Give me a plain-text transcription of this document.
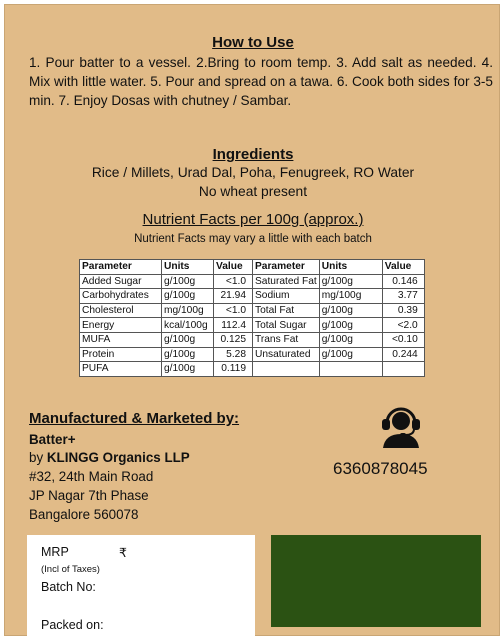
How to Use
1. Pour batter to a vessel. 2.Bring to room temp. 3. Add salt as needed. 4. Mix with little water. 5. Pour and spread on a tawa. 6. Cook both sides for 3-5 min. 7. Enjoy Dosas with chutney / Sambar.
Ingredients
Rice / Millets, Urad Dal, Poha, Fenugreek, RO Water
No wheat present
Nutrient Facts per 100g (approx.)
Nutrient Facts may vary a little with each batch
Parameter	Units	Value	Parameter	Units	Value
Added Sugar	g/100g	<1.0	Saturated Fat	g/100g	0.146
Carbohydrates	g/100g	21.94	Sodium	mg/100g	3.77
Cholesterol	mg/100g	<1.0	Total Fat	g/100g	0.39
Energy	kcal/100g	112.4	Total Sugar	g/100g	<2.0
MUFA	g/100g	0.125	Trans Fat	g/100g	<0.10
Protein	g/100g	5.28	Unsaturated	g/100g	0.244
PUFA	g/100g	0.119			
Manufactured & Marketed by:
Batter+
by KLINGG Organics LLP
#32, 24th Main Road
JP Nagar 7th Phase
Bangalore 560078
6360878045
MRP	₹
(Incl of Taxes)
Batch No:
Packed on:
